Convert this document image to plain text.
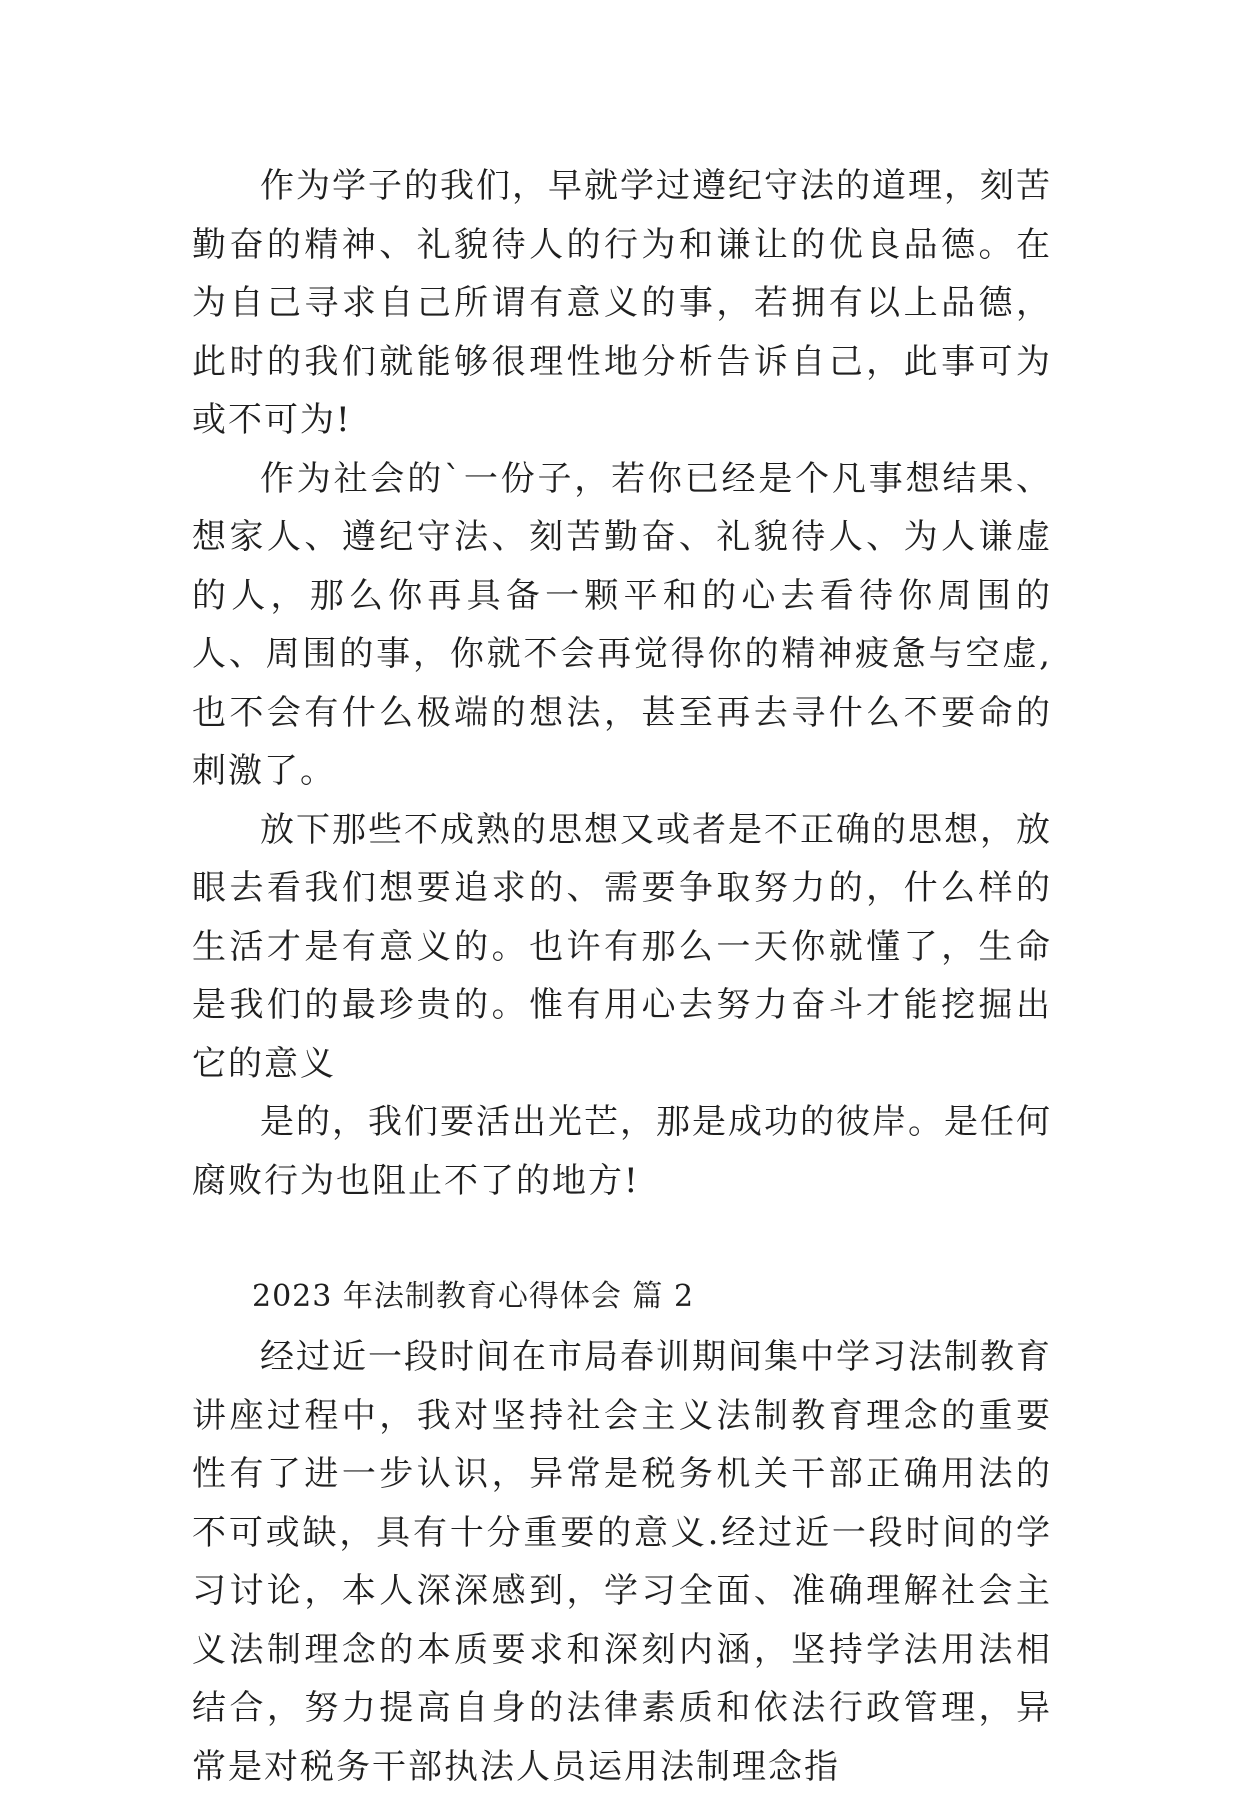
作为学子的我们，早就学过遵纪守法的道理，刻苦勤奋的精神、礼貌待人的行为和谦让的优良品德。在为自己寻求自己所谓有意义的事，若拥有以上品德，此时的我们就能够很理性地分析告诉自己，此事可为或不可为!

作为社会的`一份子，若你已经是个凡事想结果、想家人、遵纪守法、刻苦勤奋、礼貌待人、为人谦虚的人，那么你再具备一颗平和的心去看待你周围的人、周围的事，你就不会再觉得你的精神疲惫与空虚,也不会有什么极端的想法，甚至再去寻什么不要命的刺激了。

放下那些不成熟的思想又或者是不正确的思想，放眼去看我们想要追求的、需要争取努力的，什么样的生活才是有意义的。也许有那么一天你就懂了，生命是我们的最珍贵的。惟有用心去努力奋斗才能挖掘出它的意义

是的，我们要活出光芒，那是成功的彼岸。是任何腐败行为也阻止不了的地方!

2023 年法制教育心得体会 篇 2

经过近一段时间在市局春训期间集中学习法制教育讲座过程中，我对坚持社会主义法制教育理念的重要性有了进一步认识，异常是税务机关干部正确用法的不可或缺，具有十分重要的意义.经过近一段时间的学习讨论，本人深深感到，学习全面、准确理解社会主义法制理念的本质要求和深刻内涵，坚持学法用法相结合，努力提高自身的法律素质和依法行政管理，异常是对税务干部执法人员运用法制理念指
